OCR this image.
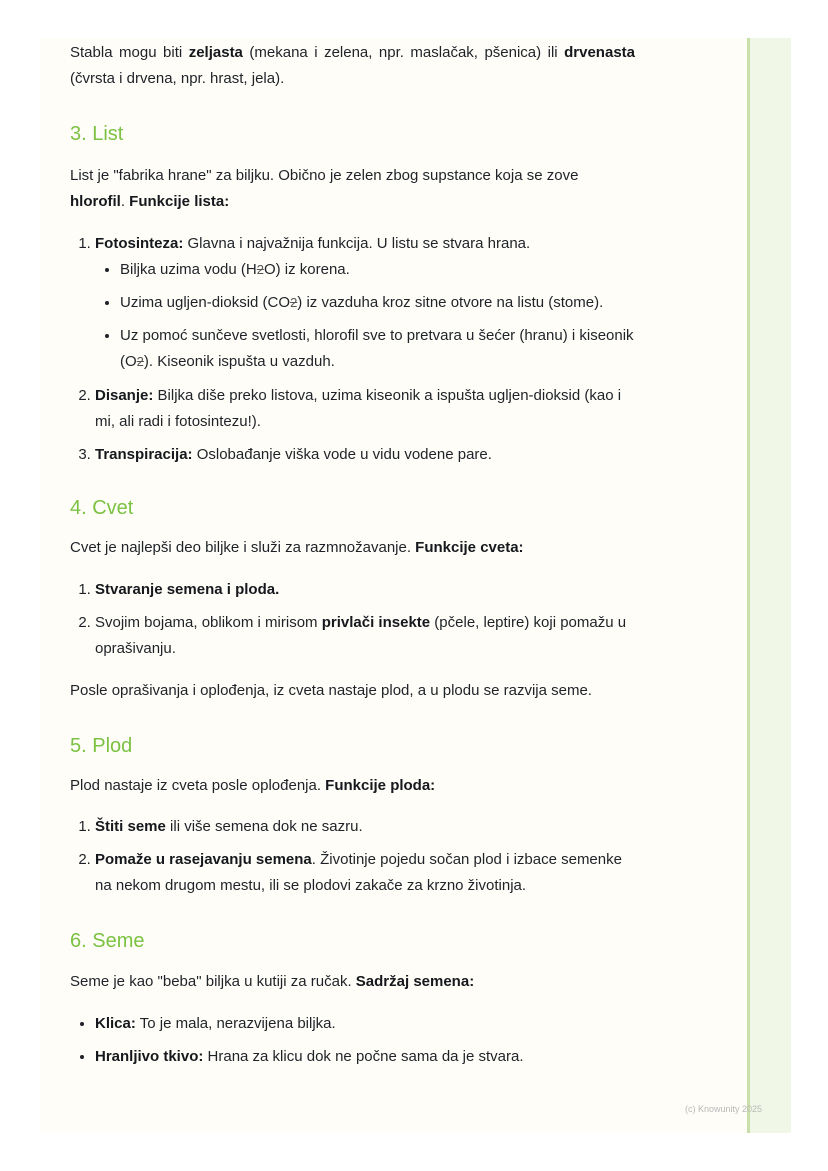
Stabla mogu biti zeljasta (mekana i zelena, npr. maslačak, pšenica) ili drvenasta (čvrsta i drvena, npr. hrast, jela).

3. List

List je "fabrika hrane" za biljku. Obično je zelen zbog supstance koja se zove hlorofil. Funkcije lista:

1. Fotosinteza: Glavna i najvažnija funkcija. U listu se stvara hrana.
• Biljka uzima vodu (H2O) iz korena.
• Uzima ugljen-dioksid (CO2) iz vazduha kroz sitne otvore na listu (stome).
• Uz pomoć sunčeve svetlosti, hlorofil sve to pretvara u šećer (hranu) i kiseonik (O2). Kiseonik ispušta u vazduh.
2. Disanje: Biljka diše preko listova, uzima kiseonik a ispušta ugljen-dioksid (kao i mi, ali radi i fotosintezu!).
3. Transpiracija: Oslobađanje viška vode u vidu vodene pare.
4. Cvet

Cvet je najlepši deo biljke i služi za razmnožavanje. Funkcije cveta:

1. Stvaranje semena i ploda.
2. Svojim bojama, oblikom i mirisom privlači insekte (pčele, leptire) koji pomažu u oprašivanju.

Posle oprašivanja i oplođenja, iz cveta nastaje plod, a u plodu se razvija seme.

5. Plod

Plod nastaje iz cveta posle oplođenja. Funkcije ploda:

1. Štiti seme ili više semena dok ne sazru.
2. Pomaže u rasejavanju semena. Životinje pojedu sočan plod i izbace semenke na nekom drugom mestu, ili se plodovi zakače za krzno životinja.
6. Seme

Seme je kao "beba" biljka u kutiji za ručak. Sadržaj semena:

• Klica: To je mala, nerazvijena biljka.
• Hranljivo tkivo: Hrana za klicu dok ne počne sama da je stvara.
(c) Knowunity 2025
